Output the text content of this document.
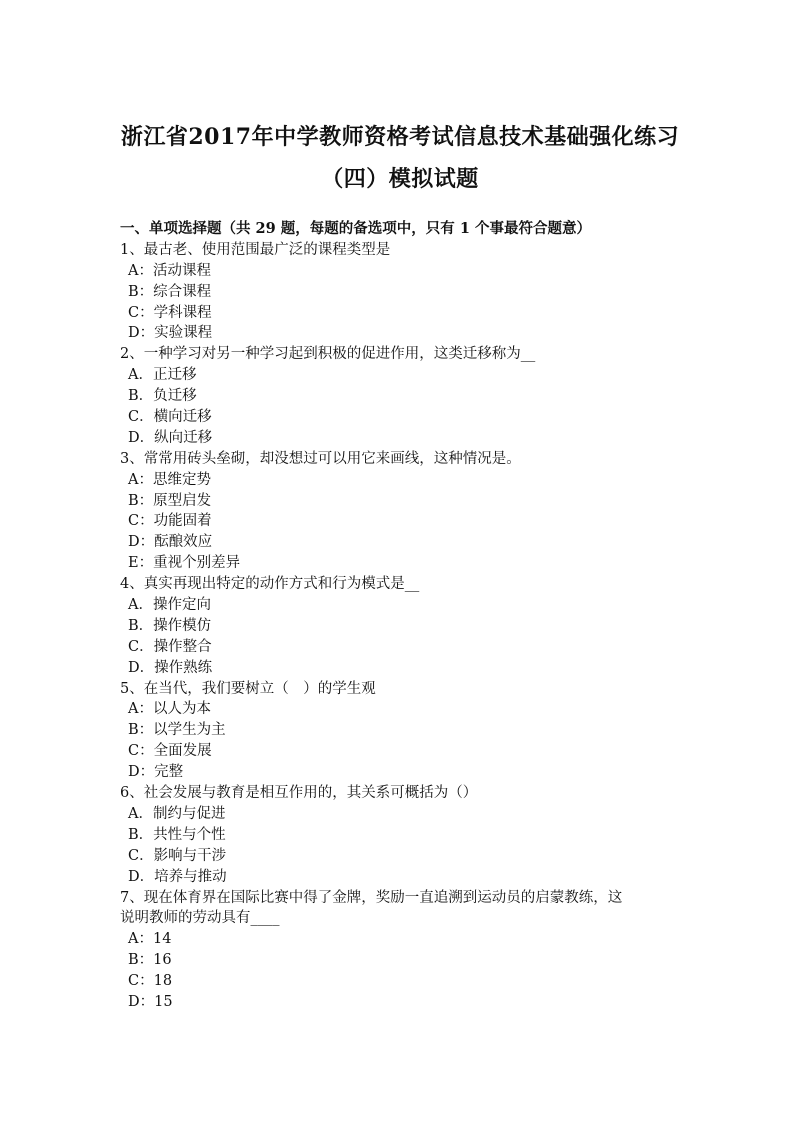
浙江省2017年中学教师资格考试信息技术基础强化练习
（四）模拟试题
一、单项选择题（共 29 题，每题的备选项中，只有 1 个事最符合题意）
1、最古老、使用范围最广泛的课程类型是
A：活动课程
B：综合课程
C：学科课程
D：实验课程
2、一种学习对另一种学习起到积极的促进作用，这类迁移称为__
A．正迁移
B．负迁移
C．横向迁移
D．纵向迁移
3、常常用砖头垒砌，却没想过可以用它来画线，这种情况是。
A：思维定势
B：原型启发
C：功能固着
D：酝酿效应
E：重视个别差异
4、真实再现出特定的动作方式和行为模式是__
A．操作定向
B．操作模仿
C．操作整合
D．操作熟练
5、在当代，我们要树立（　）的学生观
A：以人为本
B：以学生为主
C：全面发展
D：完整
6、社会发展与教育是相互作用的，其关系可概括为（）
A．制约与促进
B．共性与个性
C．影响与干涉
D．培养与推动
7、现在体育界在国际比赛中得了金牌，奖励一直追溯到运动员的启蒙教练，这
说明教师的劳动具有____
A：14
B：16
C：18
D：15
